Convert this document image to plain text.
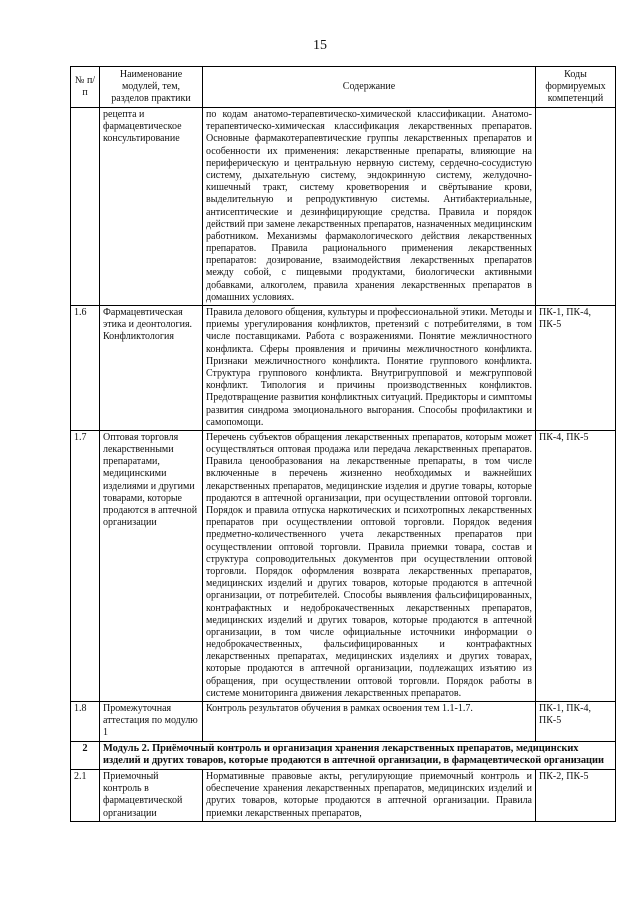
15
№ п/п	Наименование модулей, тем, разделов практики	Содержание	Коды формируемых компетенций
	рецепта и фармацевтическое консультирование	по кодам анатомо-терапевтическо-химической классификации. Анатомо-терапевтическо-химическая классификация лекарственных препаратов. Основные фармакотерапевтические группы лекарственных препаратов и особенности их применения: лекарственные препараты, влияющие на периферическую и центральную нервную систему, сердечно-сосудистую систему, дыхательную систему, эндокринную систему, желудочно-кишечный тракт, систему кроветворения и свёртывание крови, выделительную и репродуктивную системы. Антибактериальные, антисептические и дезинфицирующие средства. Правила и порядок действий при замене лекарственных препаратов, назначенных медицинским работником. Механизмы фармакологического действия лекарственных препаратов. Правила рационального применения лекарственных препаратов: дозирование, взаимодействия лекарственных препаратов между собой, с пищевыми продуктами, биологически активными добавками, алкоголем, правила хранения лекарственных препаратов в домашних условиях.	
1.6	Фармацевтическая этика и деонтология. Конфликтология	Правила делового общения, культуры и профессиональной этики. Методы и приемы урегулирования конфликтов, претензий с потребителями, в том числе поставщиками. Работа с возражениями. Понятие межличностного конфликта. Сферы проявления и причины межличностного конфликта. Признаки межличностного конфликта. Понятие группового конфликта. Структура группового конфликта. Внутригрупповой и межгрупповой конфликт. Типология и причины производственных конфликтов. Предотвращение развития конфликтных ситуаций. Предикторы и симптомы развития синдрома эмоционального выгорания. Способы профилактики и самопомощи.	ПК-1, ПК-4, ПК-5
1.7	Оптовая торговля лекарственными препаратами, медицинскими изделиями и другими товарами, которые продаются в аптечной организации	Перечень субъектов обращения лекарственных препаратов, которым может осуществляться оптовая продажа или передача лекарственных препаратов. Правила ценообразования на лекарственные препараты, в том числе включенные в перечень жизненно необходимых и важнейших лекарственных препаратов, медицинские изделия и другие товары, которые продаются в аптечной организации, при осуществлении оптовой торговли. Порядок и правила отпуска наркотических и психотропных лекарственных препаратов при осуществлении оптовой торговли. Порядок ведения предметно-количественного учета лекарственных препаратов при осуществлении оптовой торговли. Правила приемки товара, состав и структура сопроводительных документов при осуществлении оптовой торговли. Порядок оформления возврата лекарственных препаратов, медицинских изделий и других товаров, которые продаются в аптечной организации, от потребителей. Способы выявления фальсифицированных, контрафактных и недоброкачественных лекарственных препаратов, медицинских изделий и других товаров, которые продаются в аптечной организации, в том числе официальные источники информации о недоброкачественных, фальсифицированных и контрафактных лекарственных препаратах, медицинских изделиях и других товарах, которые продаются в аптечной организации, подлежащих изъятию из обращения, при осуществлении оптовой торговли. Порядок работы в системе мониторинга движения лекарственных препаратов.	ПК-4, ПК-5
1.8	Промежуточная аттестация по модулю 1	Контроль результатов обучения в рамках освоения тем 1.1-1.7.	ПК-1, ПК-4, ПК-5
2	Модуль 2. Приёмочный контроль и организация хранения лекарственных препаратов, медицинских изделий и других товаров, которые продаются в аптечной организации, в фармацевтической организации		
2.1	Приемочный контроль в фармацевтической организации	Нормативные правовые акты, регулирующие приемочный контроль и обеспечение хранения лекарственных препаратов, медицинских изделий и других товаров, которые продаются в аптечной организации. Правила приемки лекарственных препаратов,	ПК-2, ПК-5
